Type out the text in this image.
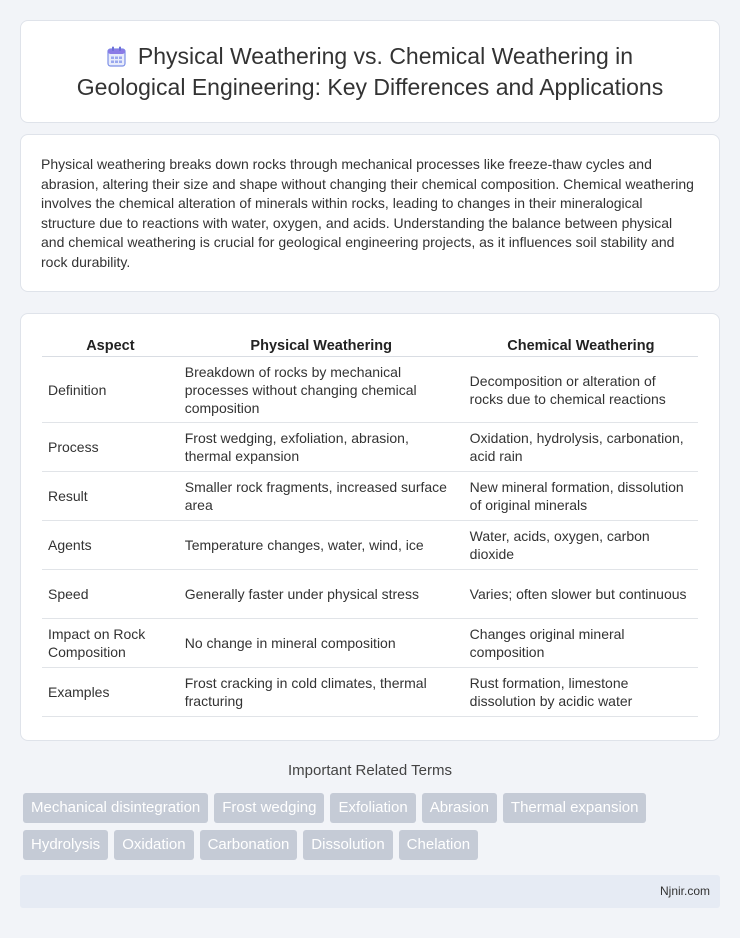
Physical Weathering vs. Chemical Weathering in Geological Engineering: Key Differences and Applications

Physical weathering breaks down rocks through mechanical processes like freeze-thaw cycles and abrasion, altering their size and shape without changing their chemical composition. Chemical weathering involves the chemical alteration of minerals within rocks, leading to changes in their mineralogical structure due to reactions with water, oxygen, and acids. Understanding the balance between physical and chemical weathering is crucial for geological engineering projects, as it influences soil stability and rock durability.

Aspect	Physical Weathering	Chemical Weathering
Definition	Breakdown of rocks by mechanical processes without changing chemical composition	Decomposition or alteration of rocks due to chemical reactions
Process	Frost wedging, exfoliation, abrasion, thermal expansion	Oxidation, hydrolysis, carbonation, acid rain
Result	Smaller rock fragments, increased surface area	New mineral formation, dissolution of original minerals
Agents	Temperature changes, water, wind, ice	Water, acids, oxygen, carbon dioxide
Speed	Generally faster under physical stress	Varies; often slower but continuous
Impact on Rock Composition	No change in mineral composition	Changes original mineral composition
Examples	Frost cracking in cold climates, thermal fracturing	Rust formation, limestone dissolution by acidic water
Important Related Terms
Mechanical disintegration	Frost wedging	Exfoliation	Abrasion	Thermal expansion
Hydrolysis	Oxidation	Carbonation	Dissolution	Chelation
Njnir.com
